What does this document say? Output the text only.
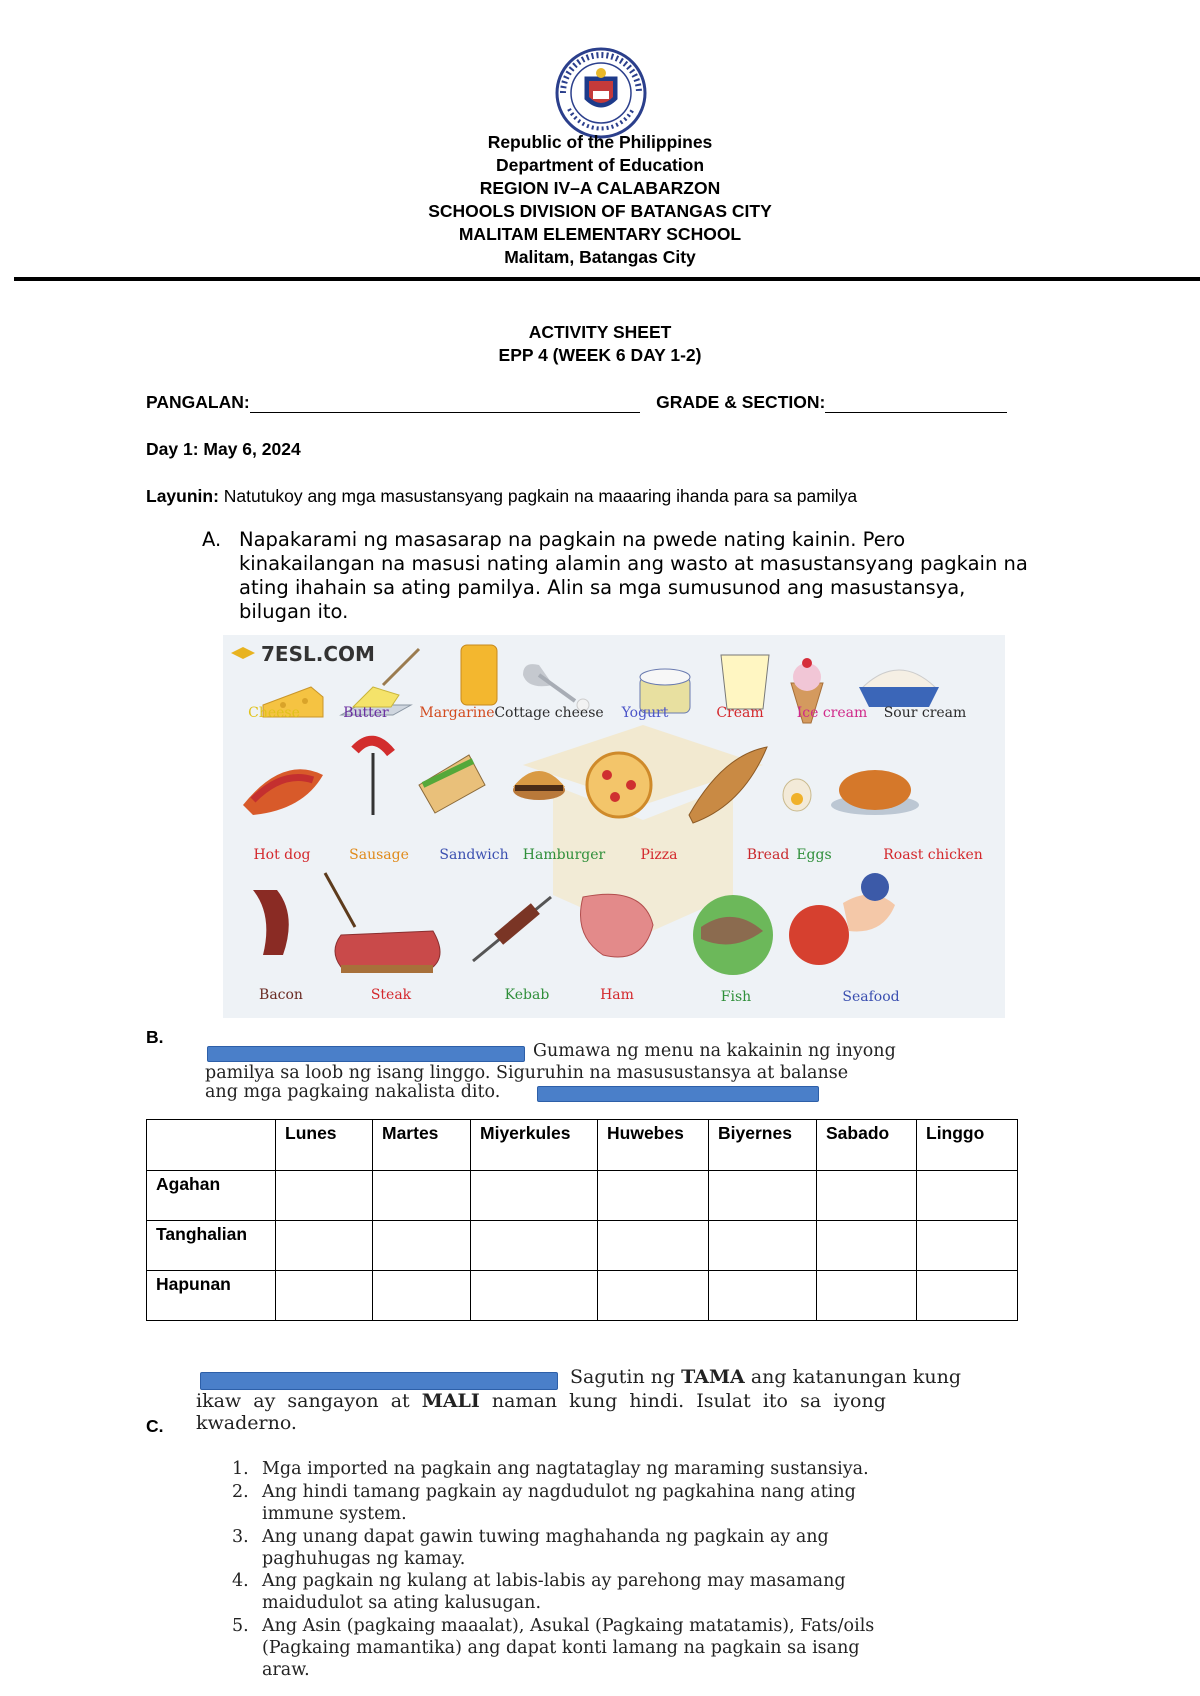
Republic of the Philippines
Department of Education
REGION IV–A CALABARZON
SCHOOLS DIVISION OF BATANGAS CITY
MALITAM ELEMENTARY SCHOOL
Malitam, Batangas City
ACTIVITY SHEET
EPP 4 (WEEK 6 DAY 1-2)
PANGALAN:	GRADE & SECTION:
Day 1: May 6, 2024
Layunin: Natutukoy ang mga masustansyang pagkain na maaaring ihanda para sa pamilya
A. Napakarami ng masasarap na pagkain na pwede nating kainin. Pero
kinakailangan na masusi nating alamin ang wasto at masustansyang pagkain na
ating ihahain sa ating pamilya. Alin sa mga sumusunod ang masustansya,
bilugan ito.
7ESL.COM
Cheese	Butter	Margarine Cottage cheese	Yogurt	Cream	Ice cream	Sour cream
Hot dog	Sausage	Sandwich	Hamburger	Pizza	Bread Eggs	Roast chicken
Bacon	Steak	Kebab	Ham	Fish	Seafood
B.
Gumawa ng menu na kakainin ng inyong
pamilya sa loob ng isang linggo. Siguruhin na masusustansya at balanse
ang mga pagkaing nakalista dito.
	Lunes	Martes	Miyerkules	Huwebes	Biyernes	Sabado	Linggo
Agahan							
Tanghalian							
Hapunan							
Sagutin ng TAMA ang katanungan kung
ikaw  ay  sangayon  at  MALI  naman  kung  hindi.  Isulat  ito  sa  iyong
C. kwaderno.
1. Mga imported na pagkain ang nagtataglay ng maraming sustansiya.
2. Ang hindi tamang pagkain ay nagdudulot ng pagkahina nang ating
immune system.
3. Ang unang dapat gawin tuwing maghahanda ng pagkain ay ang
paghuhugas ng kamay.
4. Ang pagkain ng kulang at labis-labis ay parehong may masamang
maidudulot sa ating kalusugan.
5. Ang Asin (pagkaing maaalat), Asukal (Pagkaing matatamis), Fats/oils
(Pagkaing mamantika) ang dapat konti lamang na pagkain sa isang
araw.
